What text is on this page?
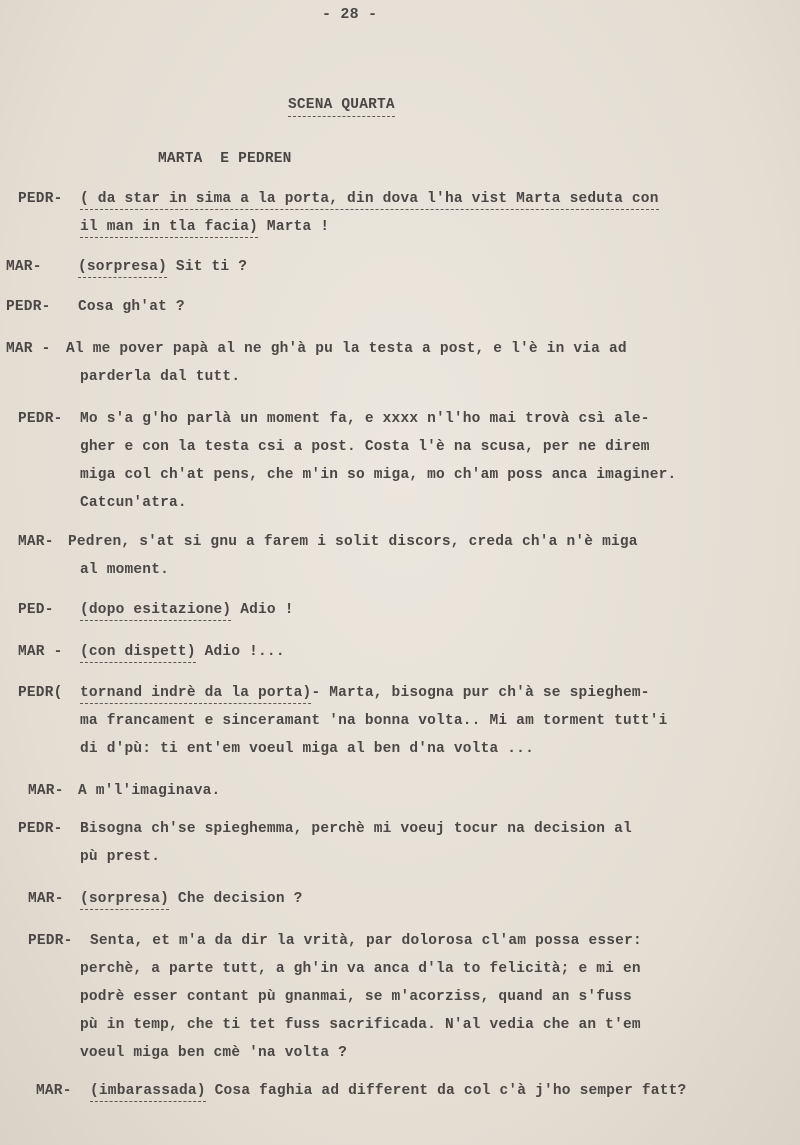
- 28 -
SCENA QUARTA
MARTA  E PEDREN
PEDR- ( da star in sima a la porta, din dova l'ha vist Marta seduta con
il man in tla facia) Marta !
MAR-	(sorpresa) Sit ti ?
PEDR- Cosa gh'at ?
MAR - Al me pover papà al ne gh'à pu la testa a post, e l'è in via ad
parderla dal tutt.
PEDR- Mo s'a g'ho parlà un moment fa, e xxxx n'l'ho mai trovà csì ale-
gher e con la testa csi a post. Costa l'è na scusa, per ne direm
miga col ch'at pens, che m'in so miga, mo ch'am poss anca imaginer.
Catcun'atra.
MAR- Pedren, s'at si gnu a farem i solit discors, creda ch'a n'è miga
al moment.
PED- (dopo esitazione) Adio !
MAR - (con dispett) Adio !...
PEDR( tornand indrè da la porta)- Marta, bisogna pur ch'à se spieghem-
ma francament e sinceramant 'na bonna volta.. Mi am torment tutt'i
di d'pù: ti ent'em voeul miga al ben d'na volta ...
MAR- A m'l'imaginava.
PEDR- Bisogna ch'se spieghemma, perchè mi voeuj tocur na decision al
pù prest.
MAR- (sorpresa) Che decision ?
PEDR- Senta, et m'a da dir la vrità, par dolorosa cl'am possa esser:
perchè, a parte tutt, a gh'in va anca d'la to felicità; e mi en
podrè esser contant pù gnanmai, se m'acorziss, quand an s'fuss
pù in temp, che ti tet fuss sacrificada. N'al vedia che an t'em
voeul miga ben cmè 'na volta ?
MAR- (imbarassada) Cosa faghia ad different da col c'à j'ho semper fatt?
